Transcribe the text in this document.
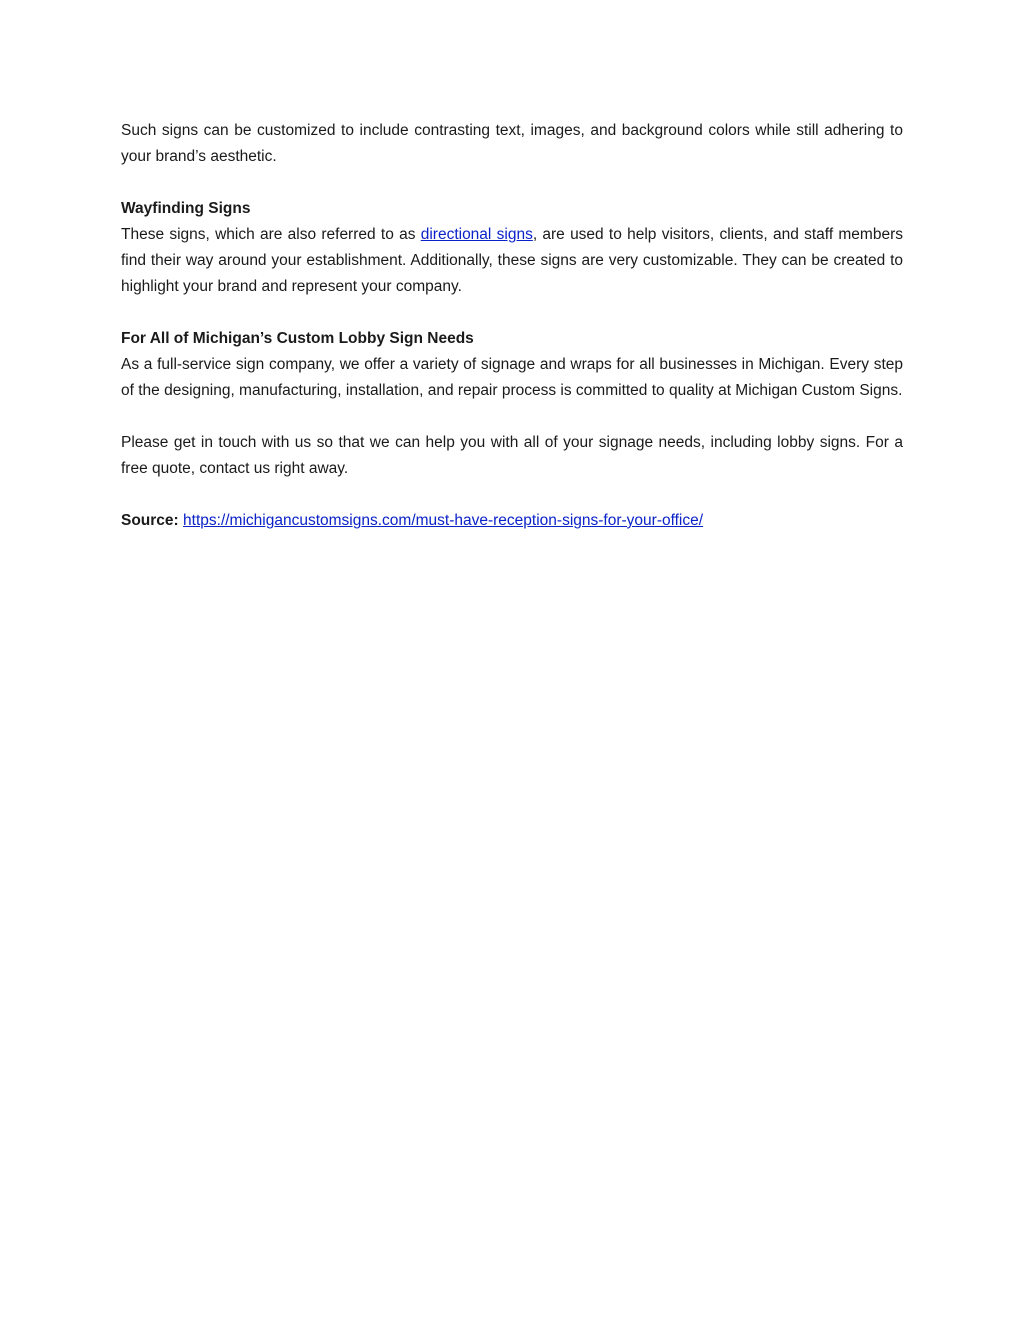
Such signs can be customized to include contrasting text, images, and background colors while still adhering to your brand’s aesthetic.

Wayfinding Signs
These signs, which are also referred to as directional signs, are used to help visitors, clients, and staff members find their way around your establishment. Additionally, these signs are very customizable. They can be created to highlight your brand and represent your company.
For All of Michigan’s Custom Lobby Sign Needs
As a full-service sign company, we offer a variety of signage and wraps for all businesses in Michigan. Every step of the designing, manufacturing, installation, and repair process is committed to quality at Michigan Custom Signs.

Please get in touch with us so that we can help you with all of your signage needs, including lobby signs. For a free quote, contact us right away.

Source: https://michigancustomsigns.com/must-have-reception-signs-for-your-office/
